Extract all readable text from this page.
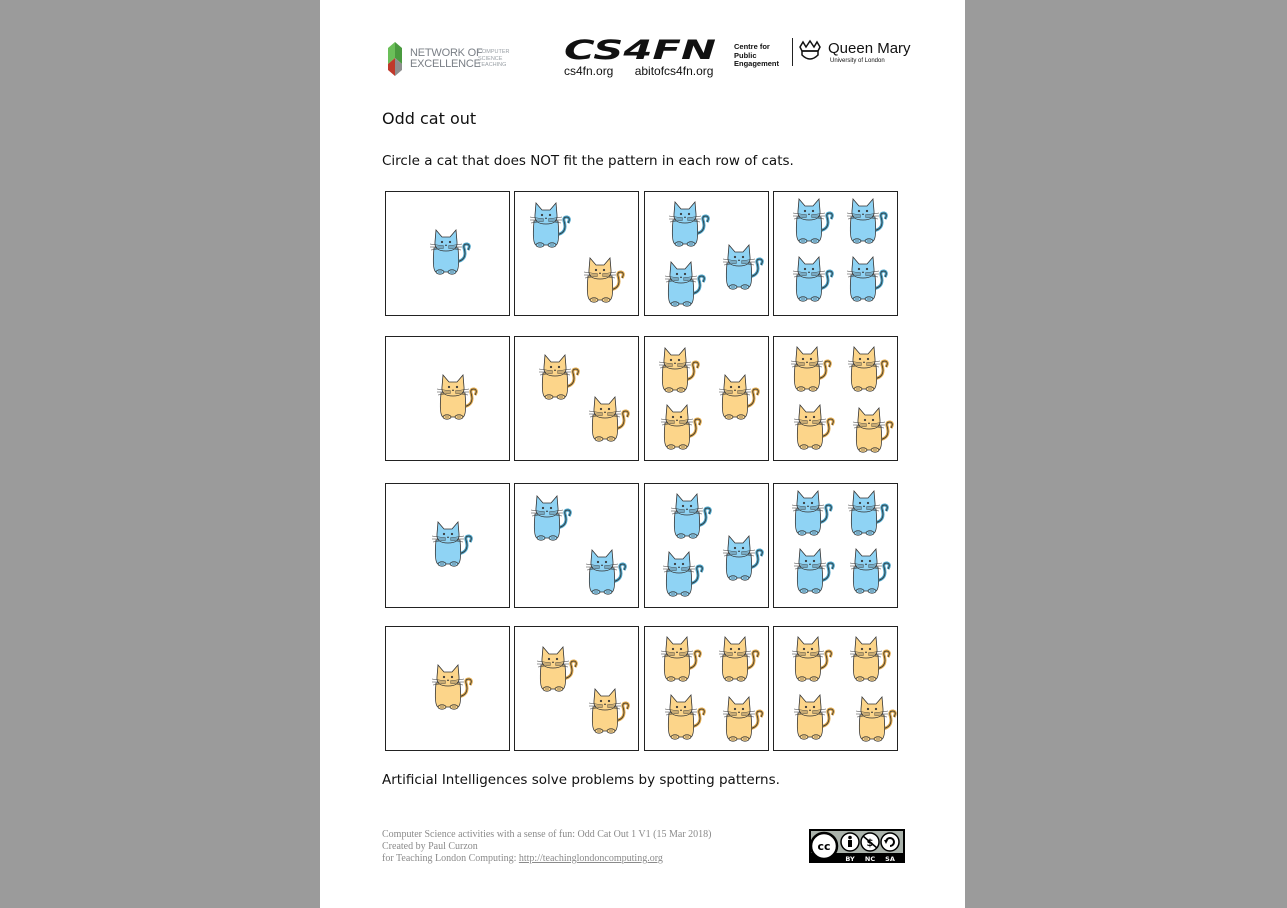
NETWORK OF
EXCELLENCE
COMPUTER
SCIENCE
TEACHING CS4FN
cs4fn.org abitofcs4fn.org
Centre for Public
Engagement
Queen Mary
University of London
Odd cat out
Circle a cat that does NOT fit the pattern in each row of cats.
Artificial Intelligences solve problems by spotting patterns.
Computer Science activities with a sense of fun: Odd Cat Out 1 V1 (15 Mar 2018)
Created by Paul Curzon
for Teaching London Computing: http://teachinglondoncomputing.org
cc	$
BY NC SA
